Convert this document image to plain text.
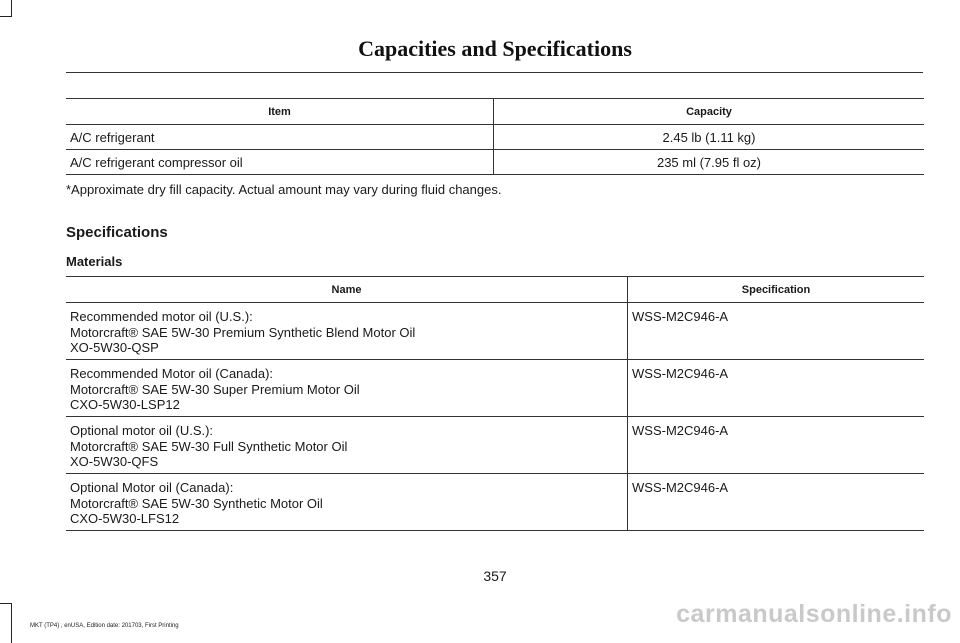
Capacities and Specifications
Item	Capacity
A/C refrigerant	2.45 lb (1.11 kg)
A/C refrigerant compressor oil	235 ml (7.95 fl oz)
*Approximate dry fill capacity. Actual amount may vary during fluid changes.
Specifications
Materials
Name	Specification

Recommended motor oil (U.S.):
Motorcraft® SAE 5W-30 Premium Synthetic Blend Motor Oil
XO-5W30-QSP	WSS-M2C946-A

Recommended Motor oil (Canada):
Motorcraft® SAE 5W-30 Super Premium Motor Oil
CXO-5W30-LSP12	WSS-M2C946-A

Optional motor oil (U.S.):
Motorcraft® SAE 5W-30 Full Synthetic Motor Oil
XO-5W30-QFS	WSS-M2C946-A

Optional Motor oil (Canada):
Motorcraft® SAE 5W-30 Synthetic Motor Oil
CXO-5W30-LFS12	WSS-M2C946-A
357
MKT (TP4) , enUSA, Edition date: 201703, First Printing	carmanualsonline.info
